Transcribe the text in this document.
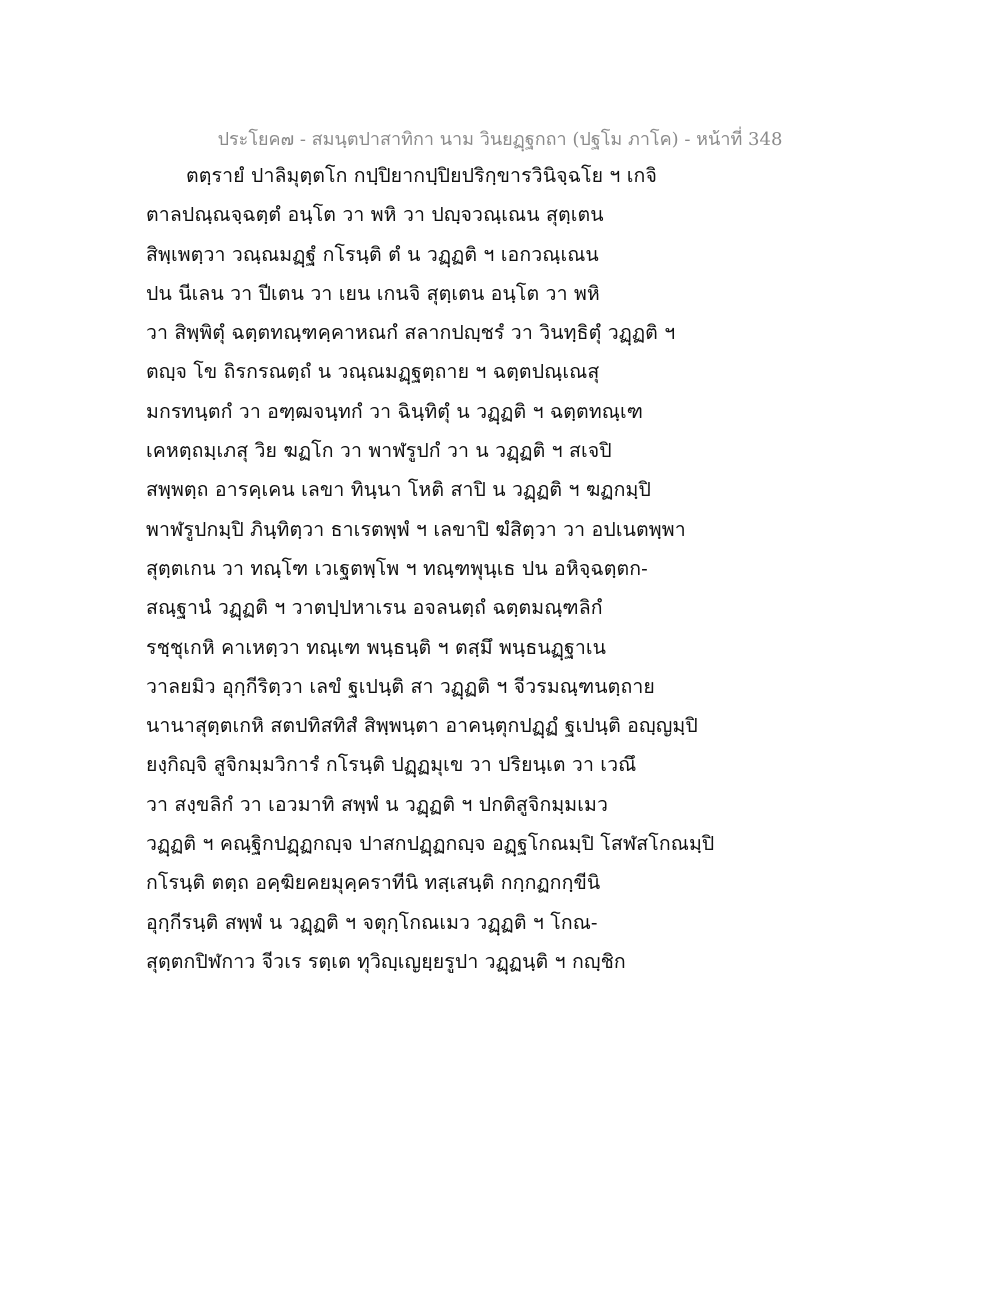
ประโยค๗ - สมนฺตปาสาทิกา นาม วินยฏฺฐกถา (ปฐโม ภาโค) - หน้าที่ 348
ตตฺรายํ ปาลิมุตฺตโก กปฺปิยากปฺปิยปริกฺขารวินิจฺฉโย ฯ เกจิ
ตาลปณฺณจฺฉตฺตํ อนฺโต วา พหิ วา ปญฺจวณฺเณน สุตฺเตน
สิพฺเพตฺวา วณฺณมฏฺฐํ กโรนฺติ ตํ น วฏฺฏติ ฯ เอกวณฺเณน
ปน นีเลน วา ปีเตน วา เยน เกนจิ สุตฺเตน อนฺโต วา พหิ
วา สิพฺพิตุํ ฉตฺตทณฺฑคฺคาหณกํ สลากปญฺชรํ วา วินทฺธิตุํ วฏฺฏติ ฯ
ตญฺจ โข ถิรกรณตฺถํ น วณฺณมฏฺฐตฺถาย ฯ ฉตฺตปณฺเณสุ
มกรทนฺตกํ วา อฑฺฒจนฺทกํ วา ฉินฺทิตุํ น วฏฺฏติ ฯ ฉตฺตทณฺเฑ
เคหตฺถมฺเภสุ วิย ฆฏโก วา พาฬรูปกํ วา น วฏฺฏติ ฯ สเจปิ
สพฺพตฺถ อารคฺเคน เลขา ทินฺนา โหติ สาปิ น วฏฺฏติ ฯ ฆฏกมฺปิ
พาฬรูปกมฺปิ ภินฺทิตฺวา ธาเรตพฺพํ ฯ เลขาปิ ฆํสิตฺวา วา อปเนตพฺพา
สุตฺตเกน วา ทณฺโฑ เวเฐตพฺโพ ฯ ทณฺฑพุนฺเธ ปน อหิจฺฉตฺตก-
สณฺฐานํ วฏฺฏติ ฯ วาตปฺปหาเรน อจลนตฺถํ ฉตฺตมณฺฑลิกํ
รชฺชุเกหิ คาเหตฺวา ทณฺเฑ พนฺธนฺติ ฯ ตสฺมึ พนฺธนฏฺฐาเน
วาลยมิว อุกฺกีริตฺวา เลขํ ฐเปนฺติ สา วฏฺฏติ ฯ จีวรมณฺฑนตฺถาย
นานาสุตฺตเกหิ สตปทิสทิสํ สิพฺพนฺตา อาคนฺตุกปฏฺฏํ ฐเปนฺติ อญฺญมฺปิ
ยงฺกิญฺจิ สูจิกมฺมวิการํ กโรนฺติ ปฏฺฏมุเข วา ปริยนฺเต วา เวณึ
วา สงฺขลิกํ วา เอวมาทิ สพฺพํ น วฏฺฏติ ฯ ปกติสูจิกมฺมเมว
วฏฺฏติ ฯ คณฺฐิกปฏฺฏกญฺจ ปาสกปฏฺฏกญฺจ อฏฺฐโกณมฺปิ โสฬสโกณมฺปิ
กโรนฺติ ตตฺถ อคฺฆิยคยมุคฺคราทีนิ ทสฺเสนฺติ กกฺกฏกกฺขีนิ
อุกฺกีรนฺติ สพฺพํ น วฏฺฏติ ฯ จตุกฺโกณเมว วฏฺฏติ ฯ โกณ-
สุตฺตกปิฬกาว จีวเร รตฺเต ทุวิญฺเญยฺยรูปา วฏฺฏนฺติ ฯ กญฺชิก
